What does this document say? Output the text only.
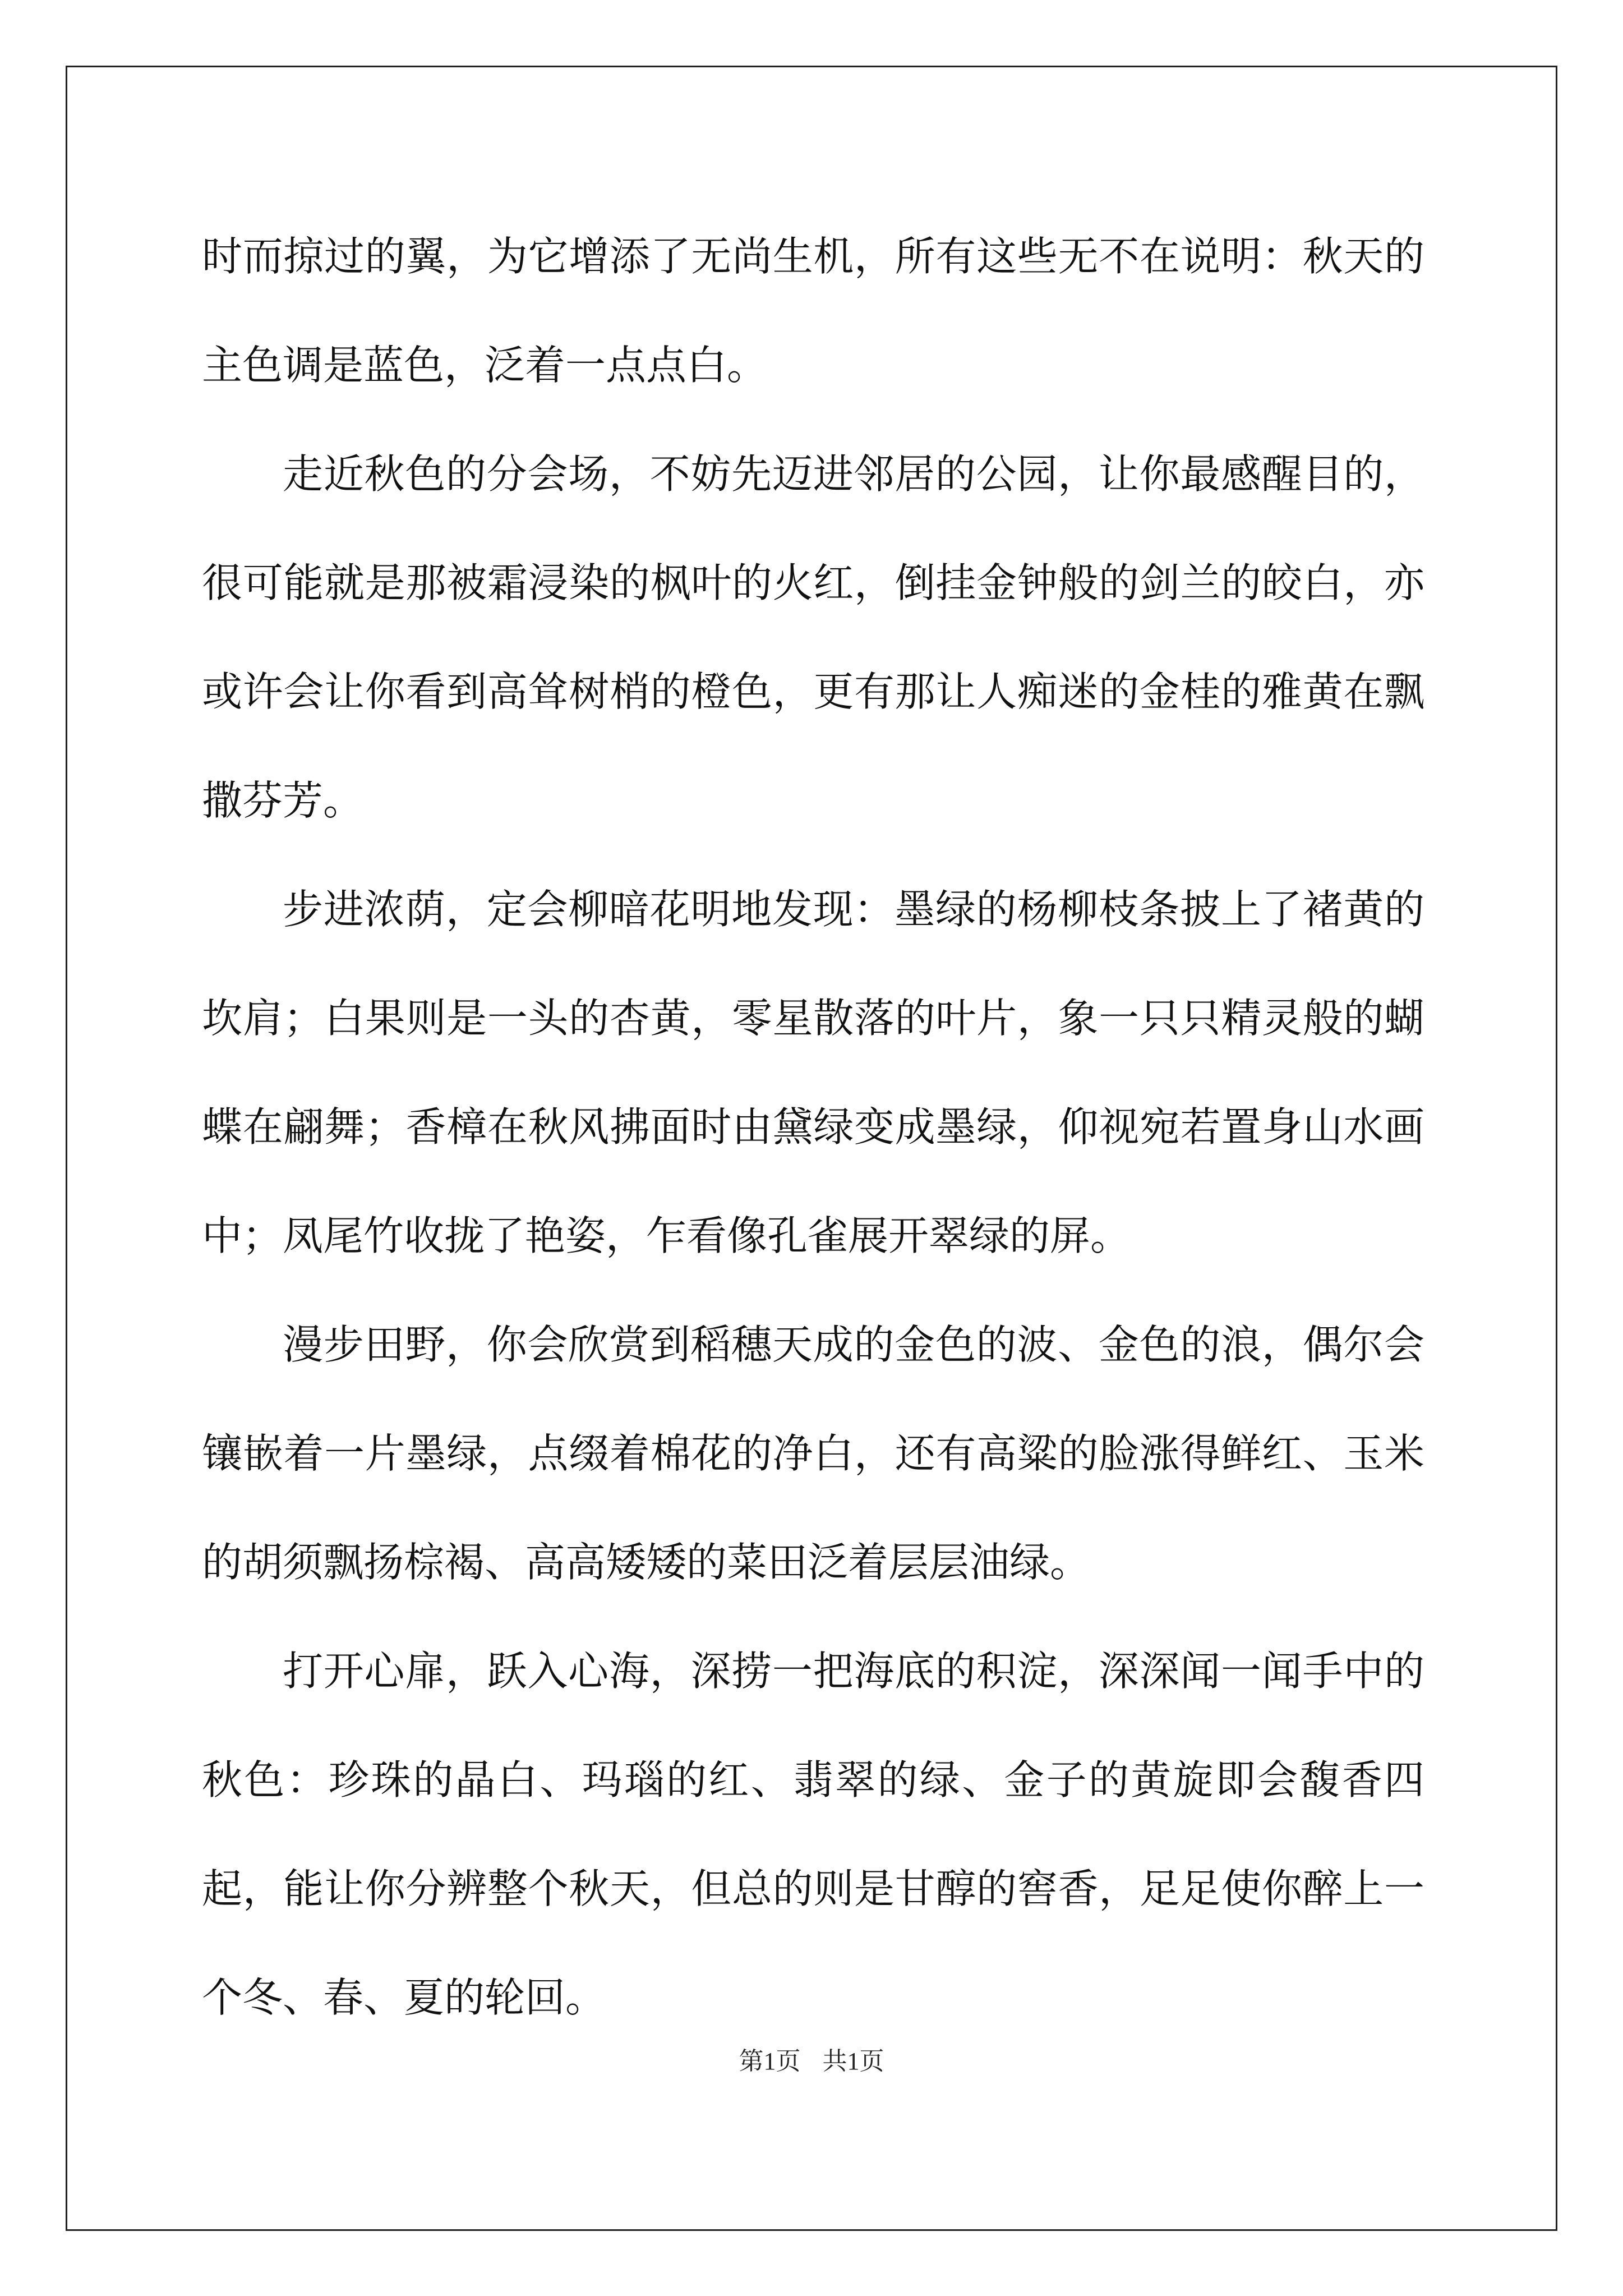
时而掠过的翼，为它增添了无尚生机，所有这些无不在说明：秋天的主色调是蓝色，泛着一点点白。

走近秋色的分会场，不妨先迈进邻居的公园，让你最感醒目的，很可能就是那被霜浸染的枫叶的火红，倒挂金钟般的剑兰的皎白，亦或许会让你看到高耸树梢的橙色，更有那让人痴迷的金桂的雅黄在飘撒芬芳。

步进浓荫，定会柳暗花明地发现：墨绿的杨柳枝条披上了褚黄的坎肩；白果则是一头的杏黄，零星散落的叶片，象一只只精灵般的蝴蝶在翩舞；香樟在秋风拂面时由黛绿变成墨绿，仰视宛若置身山水画中；凤尾竹收拢了艳姿，乍看像孔雀展开翠绿的屏。

漫步田野，你会欣赏到稻穗天成的金色的波、金色的浪，偶尔会镶嵌着一片墨绿，点缀着棉花的净白，还有高粱的脸涨得鲜红、玉米的胡须飘扬棕褐、高高矮矮的菜田泛着层层油绿。

打开心扉，跃入心海，深捞一把海底的积淀，深深闻一闻手中的秋色：珍珠的晶白、玛瑙的红、翡翠的绿、金子的黄旋即会馥香四起，能让你分辨整个秋天，但总的则是甘醇的窖香，足足使你醉上一个冬、春、夏的轮回。

第1页 共1页
